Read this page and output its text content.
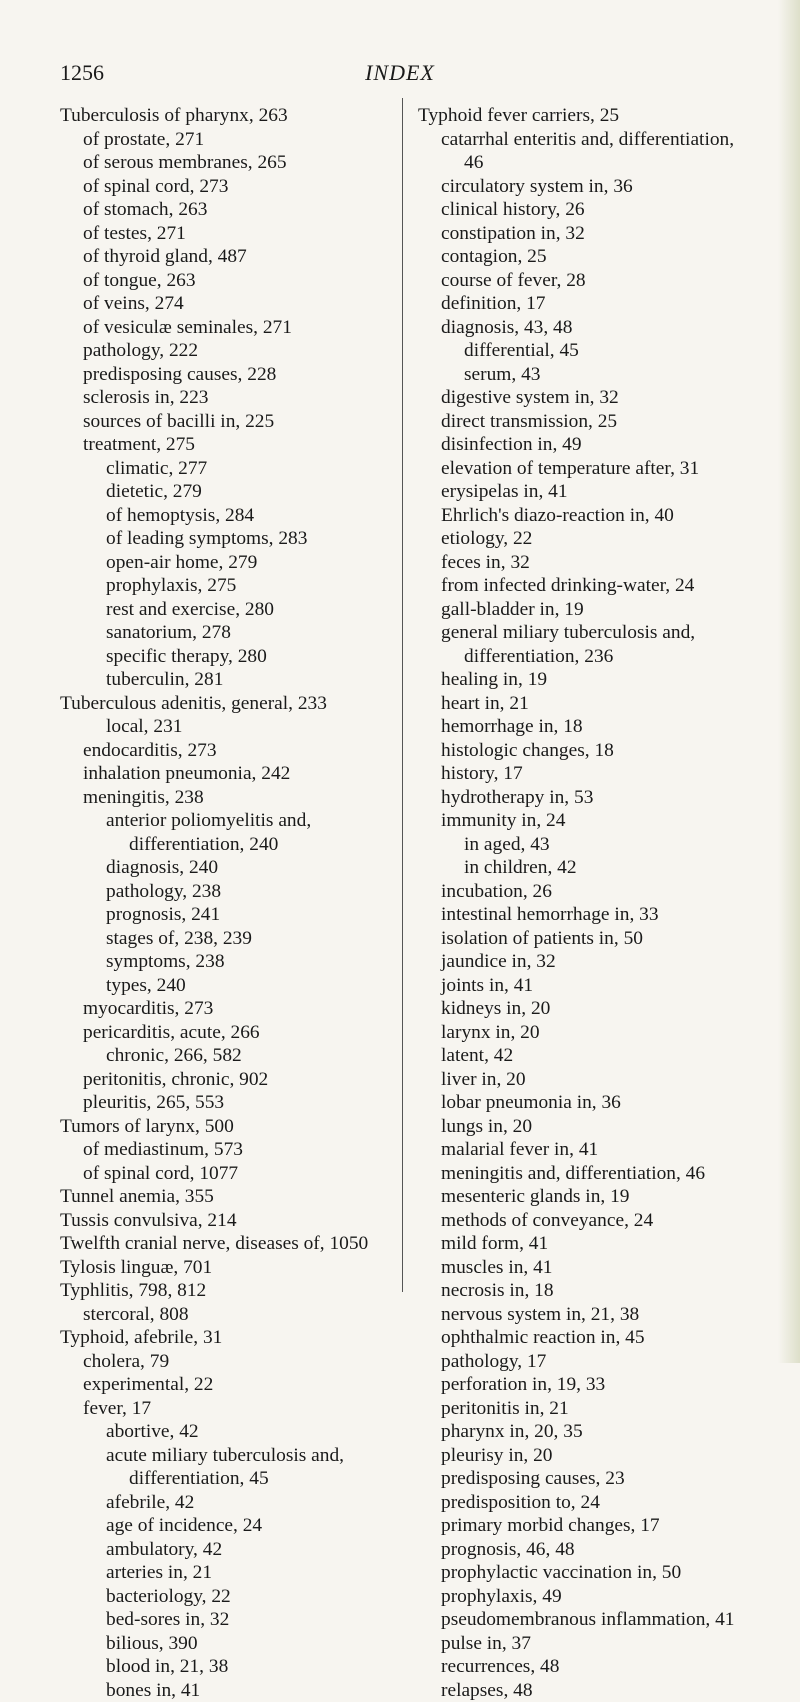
1256	INDEX

Tuberculosis of pharynx, 263

of prostate, 271

of serous membranes, 265

of spinal cord, 273

of stomach, 263

of testes, 271

of thyroid gland, 487

of tongue, 263

of veins, 274

of vesiculæ seminales, 271

pathology, 222

predisposing causes, 228

sclerosis in, 223

sources of bacilli in, 225

treatment, 275

climatic, 277

dietetic, 279

of hemoptysis, 284

of leading symptoms, 283

open-air home, 279

prophylaxis, 275

rest and exercise, 280

sanatorium, 278

specific therapy, 280

tuberculin, 281

Tuberculous adenitis, general, 233

local, 231

endocarditis, 273

inhalation pneumonia, 242

meningitis, 238

anterior poliomyelitis and, differentiation, 240

diagnosis, 240

pathology, 238

prognosis, 241

stages of, 238, 239

symptoms, 238

types, 240

myocarditis, 273

pericarditis, acute, 266

chronic, 266, 582

peritonitis, chronic, 902

pleuritis, 265, 553

Tumors of larynx, 500

of mediastinum, 573

of spinal cord, 1077

Tunnel anemia, 355

Tussis convulsiva, 214

Twelfth cranial nerve, diseases of, 1050

Tylosis linguæ, 701

Typhlitis, 798, 812

stercoral, 808

Typhoid, afebrile, 31

cholera, 79

experimental, 22

fever, 17

abortive, 42

acute miliary tuberculosis and, differentiation, 45

afebrile, 42

age of incidence, 24

ambulatory, 42

arteries in, 21

bacteriology, 22

bed-sores in, 32

bilious, 390

blood in, 21, 38

bones in, 41

Typhoid fever carriers, 25

catarrhal enteritis and, differentiation, 46

circulatory system in, 36

clinical history, 26

constipation in, 32

contagion, 25

course of fever, 28

definition, 17

diagnosis, 43, 48

differential, 45

serum, 43

digestive system in, 32

direct transmission, 25

disinfection in, 49

elevation of temperature after, 31

erysipelas in, 41

Ehrlich's diazo-reaction in, 40

etiology, 22

feces in, 32

from infected drinking-water, 24

gall-bladder in, 19

general miliary tuberculosis and, differentiation, 236

healing in, 19

heart in, 21

hemorrhage in, 18

histologic changes, 18

history, 17

hydrotherapy in, 53

immunity in, 24

in aged, 43

in children, 42

incubation, 26

intestinal hemorrhage in, 33

isolation of patients in, 50

jaundice in, 32

joints in, 41

kidneys in, 20

larynx in, 20

latent, 42

liver in, 20

lobar pneumonia in, 36

lungs in, 20

malarial fever in, 41

meningitis and, differentiation, 46

mesenteric glands in, 19

methods of conveyance, 24

mild form, 41

muscles in, 41

necrosis in, 18

nervous system in, 21, 38

ophthalmic reaction in, 45

pathology, 17

perforation in, 19, 33

peritonitis in, 21

pharynx in, 20, 35

pleurisy in, 20

predisposing causes, 23

predisposition to, 24

primary morbid changes, 17

prognosis, 46, 48

prophylactic vaccination in, 50

prophylaxis, 49

pseudomembranous inflammation, 41

pulse in, 37

recurrences, 48

relapses, 48
